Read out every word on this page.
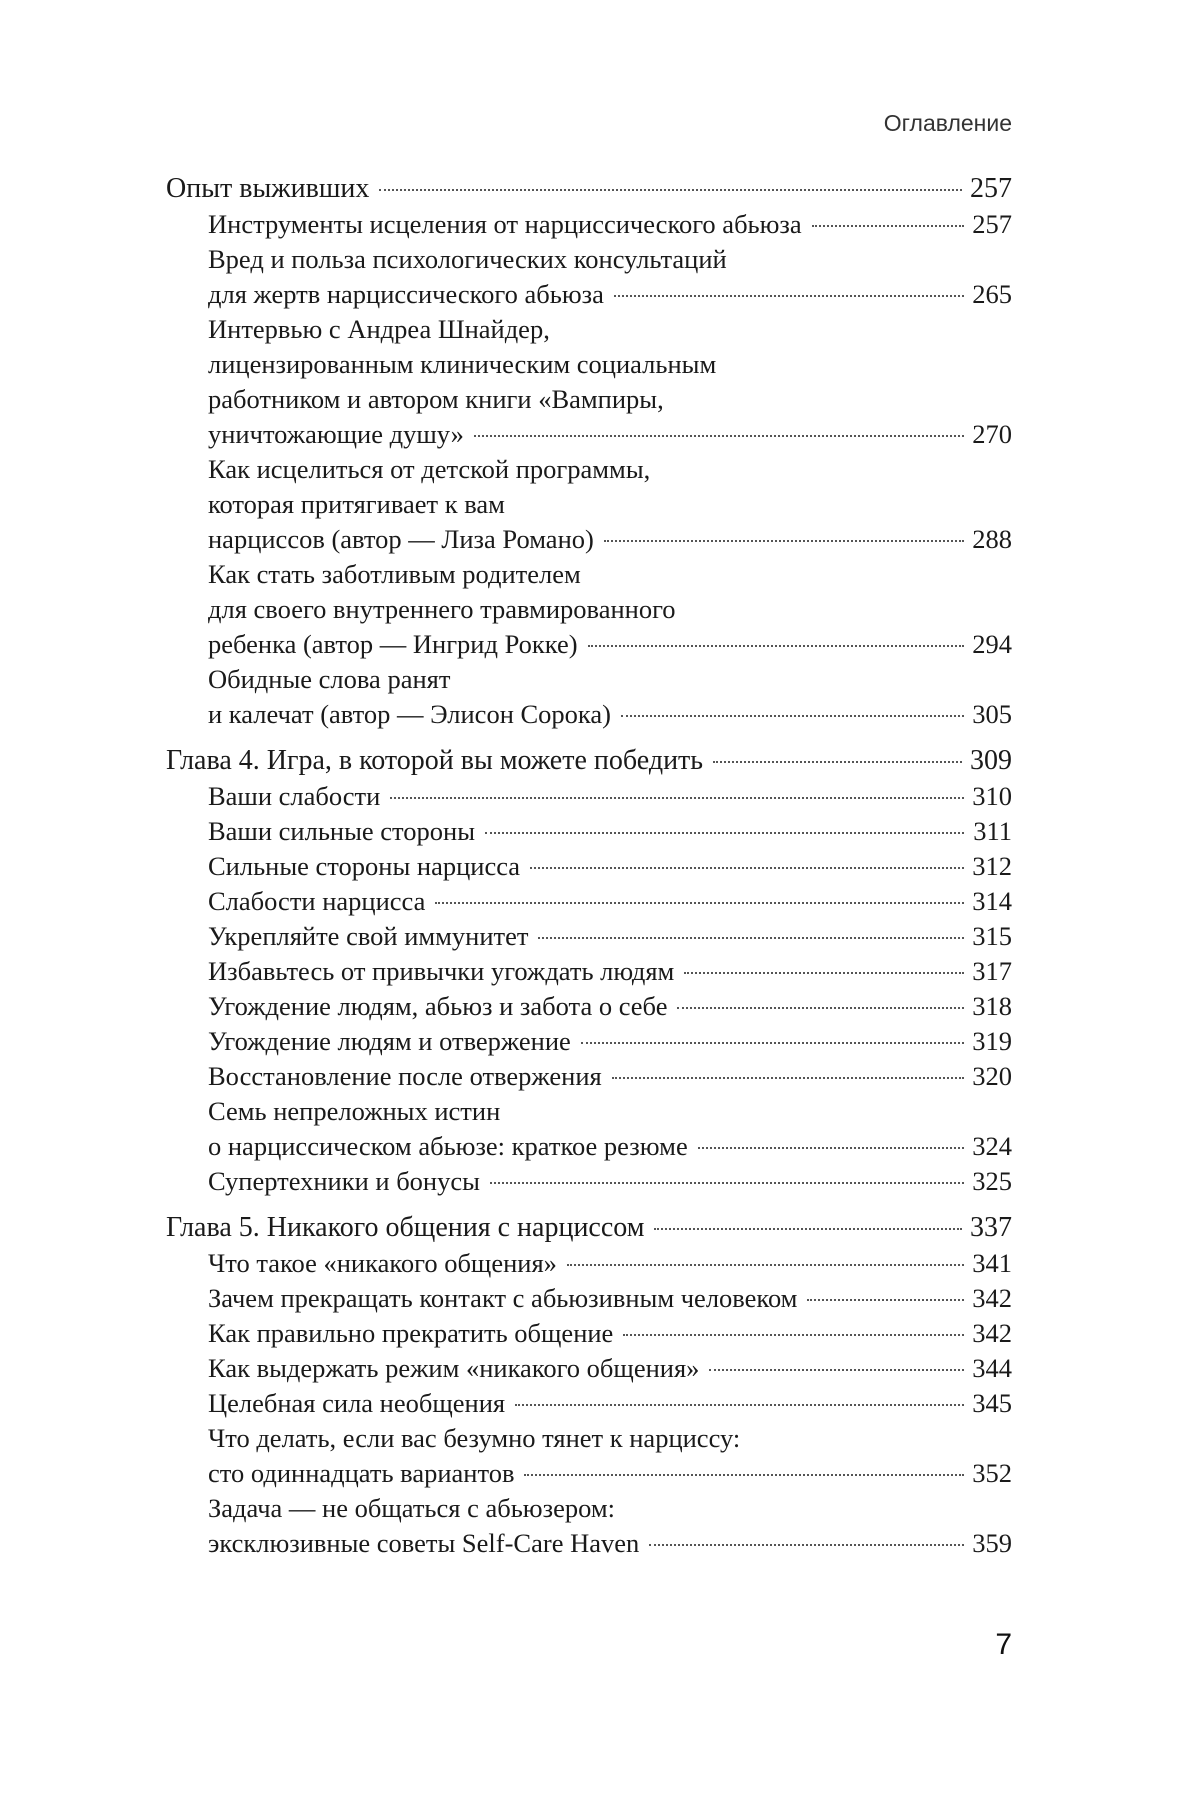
Оглавление
Опыт выживших	257
Инструменты исцеления от нарциссического абьюза	257
Вред и польза психологических консультаций
для жертв нарциссического абьюза	265
Интервью с Андреа Шнайдер,
лицензированным клиническим социальным
работником и автором книги «Вампиры,
уничтожающие душу»	270
Как исцелиться от детской программы,
которая притягивает к вам
нарциссов (автор — Лиза Романо)	288
Как стать заботливым родителем
для своего внутреннего травмированного
ребенка (автор — Ингрид Рокке)	294
Обидные слова ранят
и калечат (автор — Элисон Сорока)	305
Глава 4. Игра, в которой вы можете победить	309
Ваши слабости	310
Ваши сильные стороны	311
Сильные стороны нарцисса	312
Слабости нарцисса	314
Укрепляйте свой иммунитет	315
Избавьтесь от привычки угождать людям	317
Угождение людям, абьюз и забота о себе	318
Угождение людям и отвержение	319
Восстановление после отвержения	320
Семь непреложных истин
о нарциссическом абьюзе: краткое резюме	324
Супертехники и бонусы	325
Глава 5. Никакого общения с нарциссом	337
Что такое «никакого общения»	341
Зачем прекращать контакт с абьюзивным человеком	342
Как правильно прекратить общение	342
Как выдержать режим «никакого общения»	344
Целебная сила необщения	345
Что делать, если вас безумно тянет к нарциссу:
сто одиннадцать вариантов	352
Задача — не общаться с абьюзером:
эксклюзивные советы Self-Care Haven	359
7
